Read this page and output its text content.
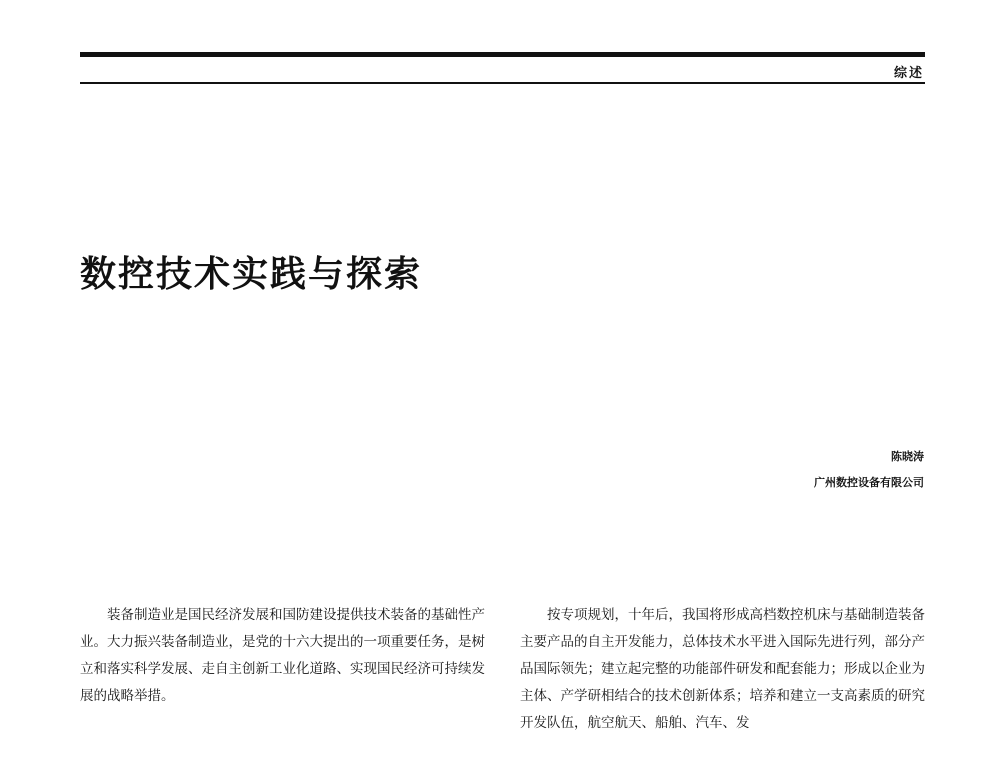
综述
数控技术实践与探索
陈晓涛
广州数控设备有限公司

装备制造业是国民经济发展和国防建设提供技术装备的基础性产业。大力振兴装备制造业，是党的十六大提出的一项重要任务，是树立和落实科学发展、走自主创新工业化道路、实现国民经济可持续发展的战略举措。

按专项规划，十年后，我国将形成高档数控机床与基础制造装备主要产品的自主开发能力，总体技术水平进入国际先进行列，部分产品国际领先；建立起完整的功能部件研发和配套能力；形成以企业为主体、产学研相结合的技术创新体系；培养和建立一支高素质的研究开发队伍，航空航天、船舶、汽车、发
